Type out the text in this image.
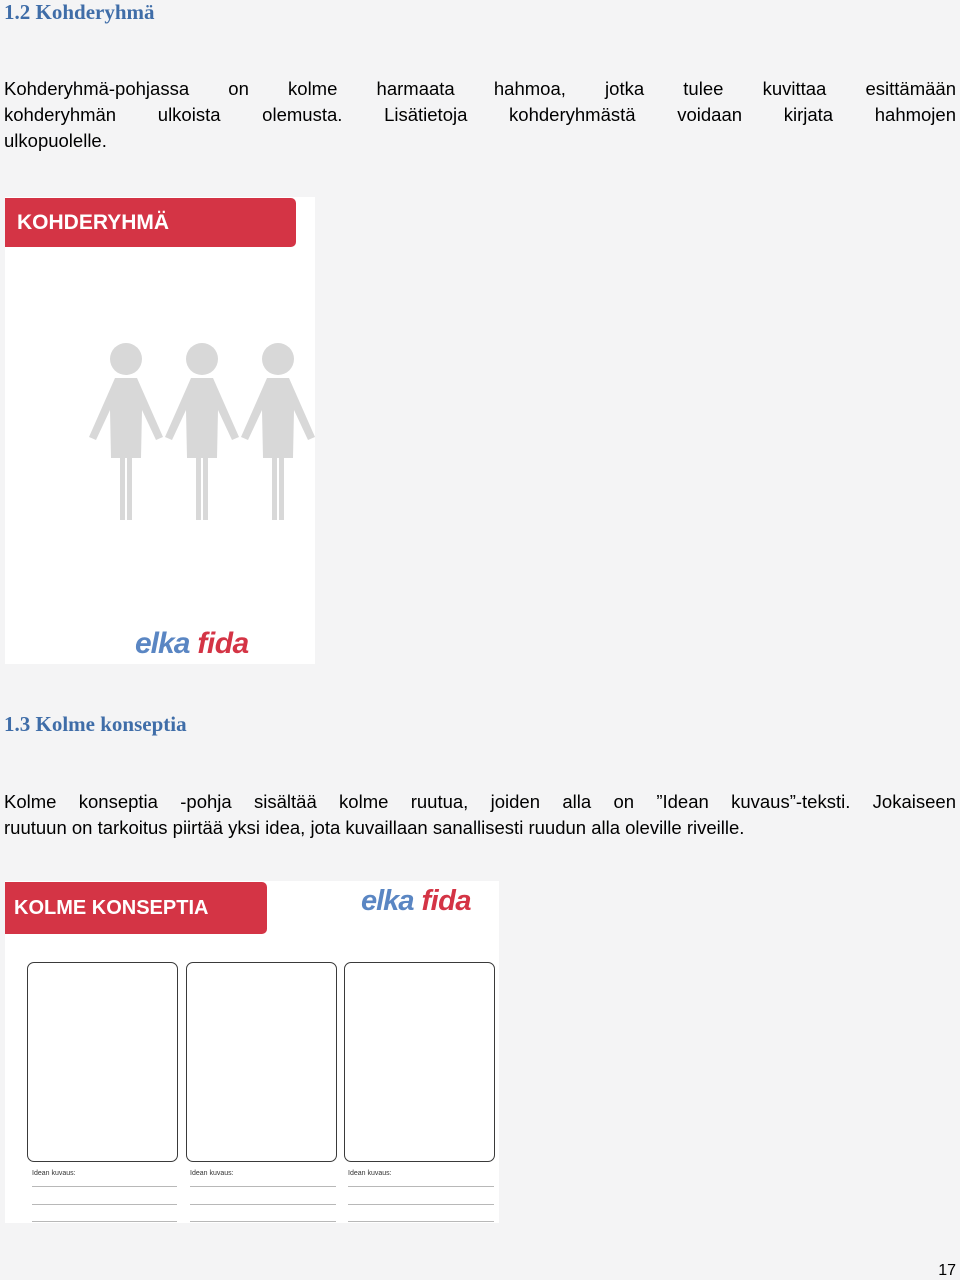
1.2 Kohderyhmä

Kohderyhmä-pohjassa on kolme harmaata hahmoa, jotka tulee kuvittaa esittämään
kohderyhmän ulkoista olemusta. Lisätietoja kohderyhmästä voidaan kirjata hahmojen
ulkopuolelle.

KOHDERYHMÄ
elka fida
1.3 Kolme konseptia

Kolme konseptia -pohja sisältää kolme ruutua, joiden alla on ”Idean kuvaus”-teksti. Jokaiseen
ruutuun on tarkoitus piirtää yksi idea, jota kuvaillaan sanallisesti ruudun alla oleville riveille.

KOLME KONSEPTIA	elka fida
Idean kuvaus:	Idean kuvaus:	Idean kuvaus:
17
